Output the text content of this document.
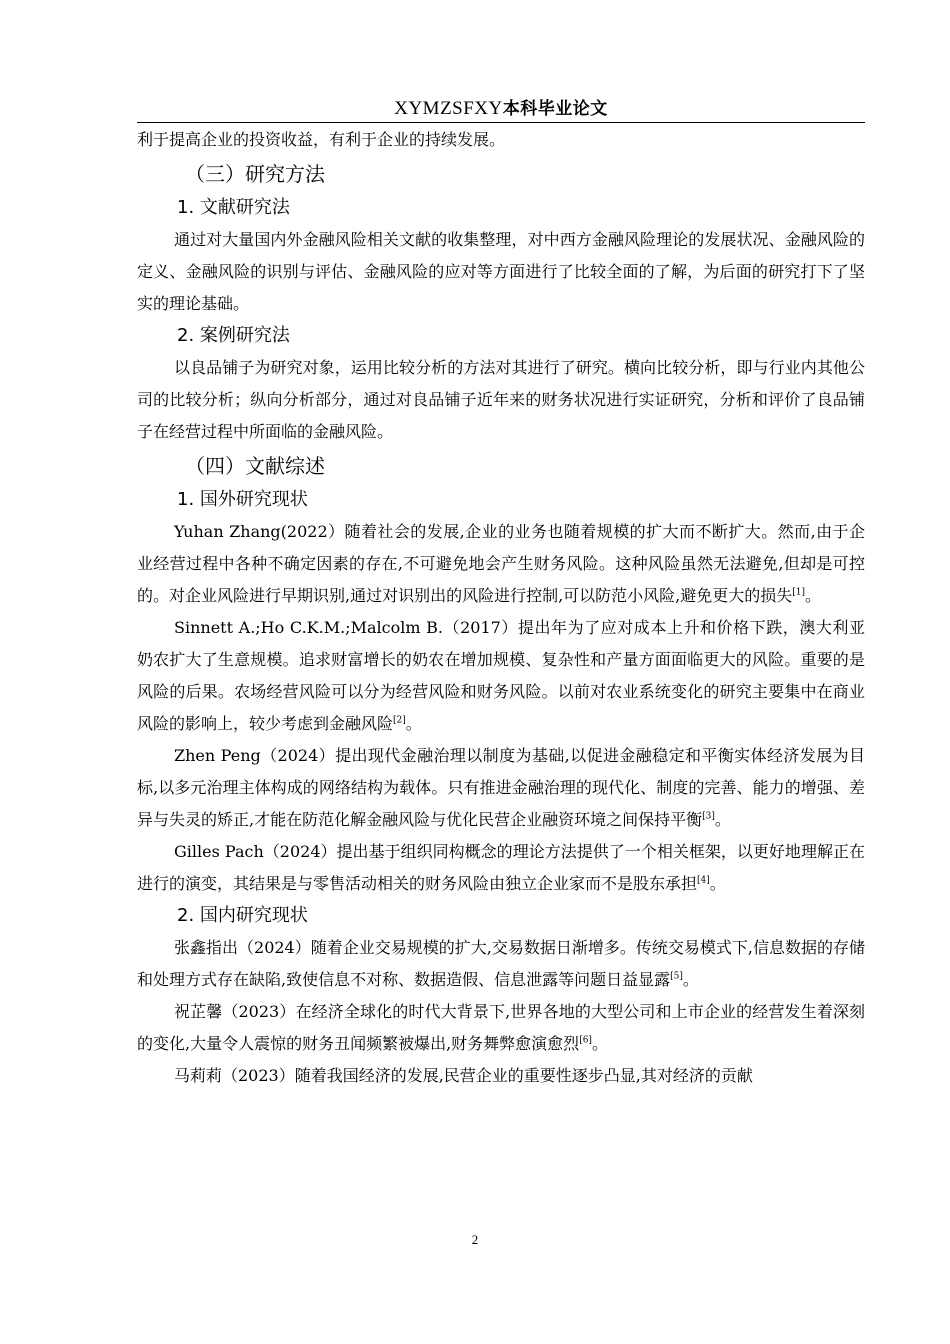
XYMZSFXY本科毕业论文

利于提高企业的投资收益，有利于企业的持续发展。

（三）研究方法

1. 文献研究法

通过对大量国内外金融风险相关文献的收集整理，对中西方金融风险理论的发展状况、金融风险的定义、金融风险的识别与评估、金融风险的应对等方面进行了比较全面的了解，为后面的研究打下了坚实的理论基础。

2. 案例研究法

以良品铺子为研究对象，运用比较分析的方法对其进行了研究。横向比较分析，即与行业内其他公司的比较分析；纵向分析部分，通过对良品铺子近年来的财务状况进行实证研究，分析和评价了良品铺子在经营过程中所面临的金融风险。

（四）文献综述

1. 国外研究现状

Yuhan Zhang(2022）随着社会的发展,企业的业务也随着规模的扩大而不断扩大。然而,由于企业经营过程中各种不确定因素的存在,不可避免地会产生财务风险。这种风险虽然无法避免,但却是可控的。对企业风险进行早期识别,通过对识别出的风险进行控制,可以防范小风险,避免更大的损失[1]。

Sinnett A.;Ho C.K.M.;Malcolm B.（2017）提出年为了应对成本上升和价格下跌，澳大利亚奶农扩大了生意规模。追求财富增长的奶农在增加规模、复杂性和产量方面面临更大的风险。重要的是风险的后果。农场经营风险可以分为经营风险和财务风险。以前对农业系统变化的研究主要集中在商业风险的影响上，较少考虑到金融风险[2]。

Zhen Peng（2024）提出现代金融治理以制度为基础,以促进金融稳定和平衡实体经济发展为目标,以多元治理主体构成的网络结构为载体。只有推进金融治理的现代化、制度的完善、能力的增强、差异与失灵的矫正,才能在防范化解金融风险与优化民营企业融资环境之间保持平衡[3]。

Gilles Pach（2024）提出基于组织同构概念的理论方法提供了一个相关框架，以更好地理解正在进行的演变，其结果是与零售活动相关的财务风险由独立企业家而不是股东承担[4]。

2. 国内研究现状

张鑫指出（2024）随着企业交易规模的扩大,交易数据日渐增多。传统交易模式下,信息数据的存储和处理方式存在缺陷,致使信息不对称、数据造假、信息泄露等问题日益显露[5]。

祝芷馨（2023）在经济全球化的时代大背景下,世界各地的大型公司和上市企业的经营发生着深刻的变化,大量令人震惊的财务丑闻频繁被爆出,财务舞弊愈演愈烈[6]。

马莉莉（2023）随着我国经济的发展,民营企业的重要性逐步凸显,其对经济的贡献

2
